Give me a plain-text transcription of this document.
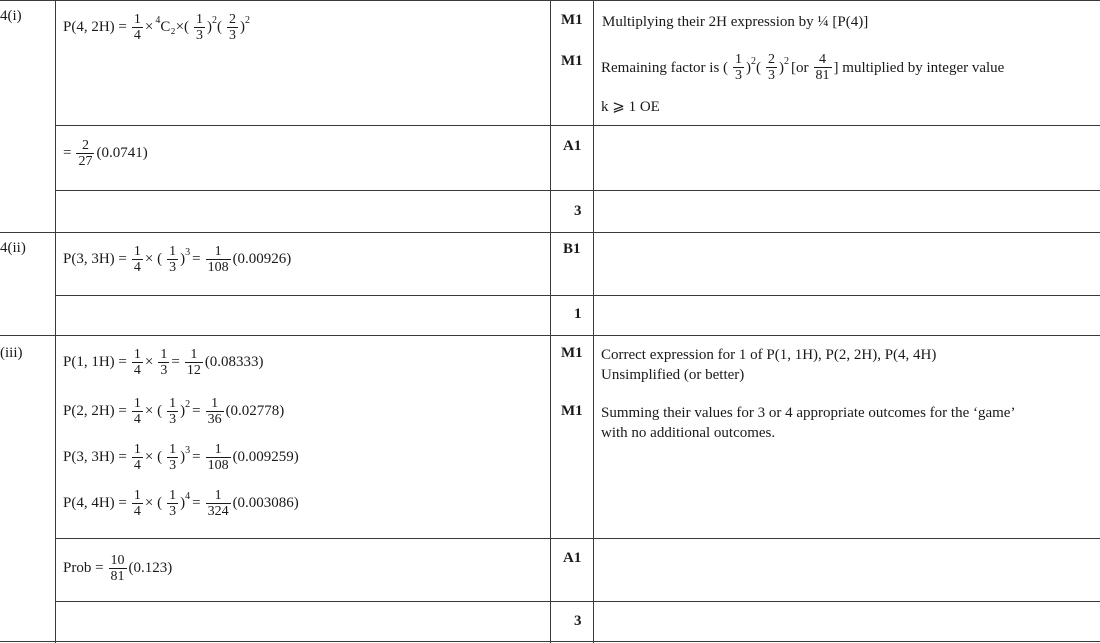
4(i)
4(ii)
(iii)
P(4, $2H) = \frac{1}{4} \times ^4C_2\times( \frac{1}{3} )^2( \frac{2}{3} )^2$
= $\frac{2}{27} (0.0741)$
M1
M1
A1
3
Multiplying their 2H expression by ¼ [P(4)]
Remaining factor is ( $\frac{1}{3} )^2( \frac{2}{3} )^2$ [$or \frac{4}{81}$ ] multiplied by integer value
k ⩾ 1 OE
P(3, $3H) = \frac{1}{4}$ × ( $\frac{1}{3} )^3 = \frac{1}{108} (0.00926)$
B1
1
P(1, $1H) = \frac{1}{4} \times \frac{1}{3} = \frac{1}{12} (0.08333)$
P(2, $2H) = \frac{1}{4}$ × ( $\frac{1}{3} )^2 = \frac{1}{36} (0.02778)$
P(3, $3H) = \frac{1}{4}$ × ( $\frac{1}{3} )^3 = \frac{1}{108} (0.009259)$
P(4, $4H) = \frac{1}{4}$ × ( $\frac{1}{3} )^4 = \frac{1}{324} (0.003086)$
Prob = $\frac{10}{81} (0.123)$
M1
M1
A1
3
Correct expression for 1 of P(1, 1H), P(2, 2H), P(4, 4H)
Unsimplified (or better)
Summing their values for 3 or 4 appropriate outcomes for the ‘game’
with no additional outcomes.
